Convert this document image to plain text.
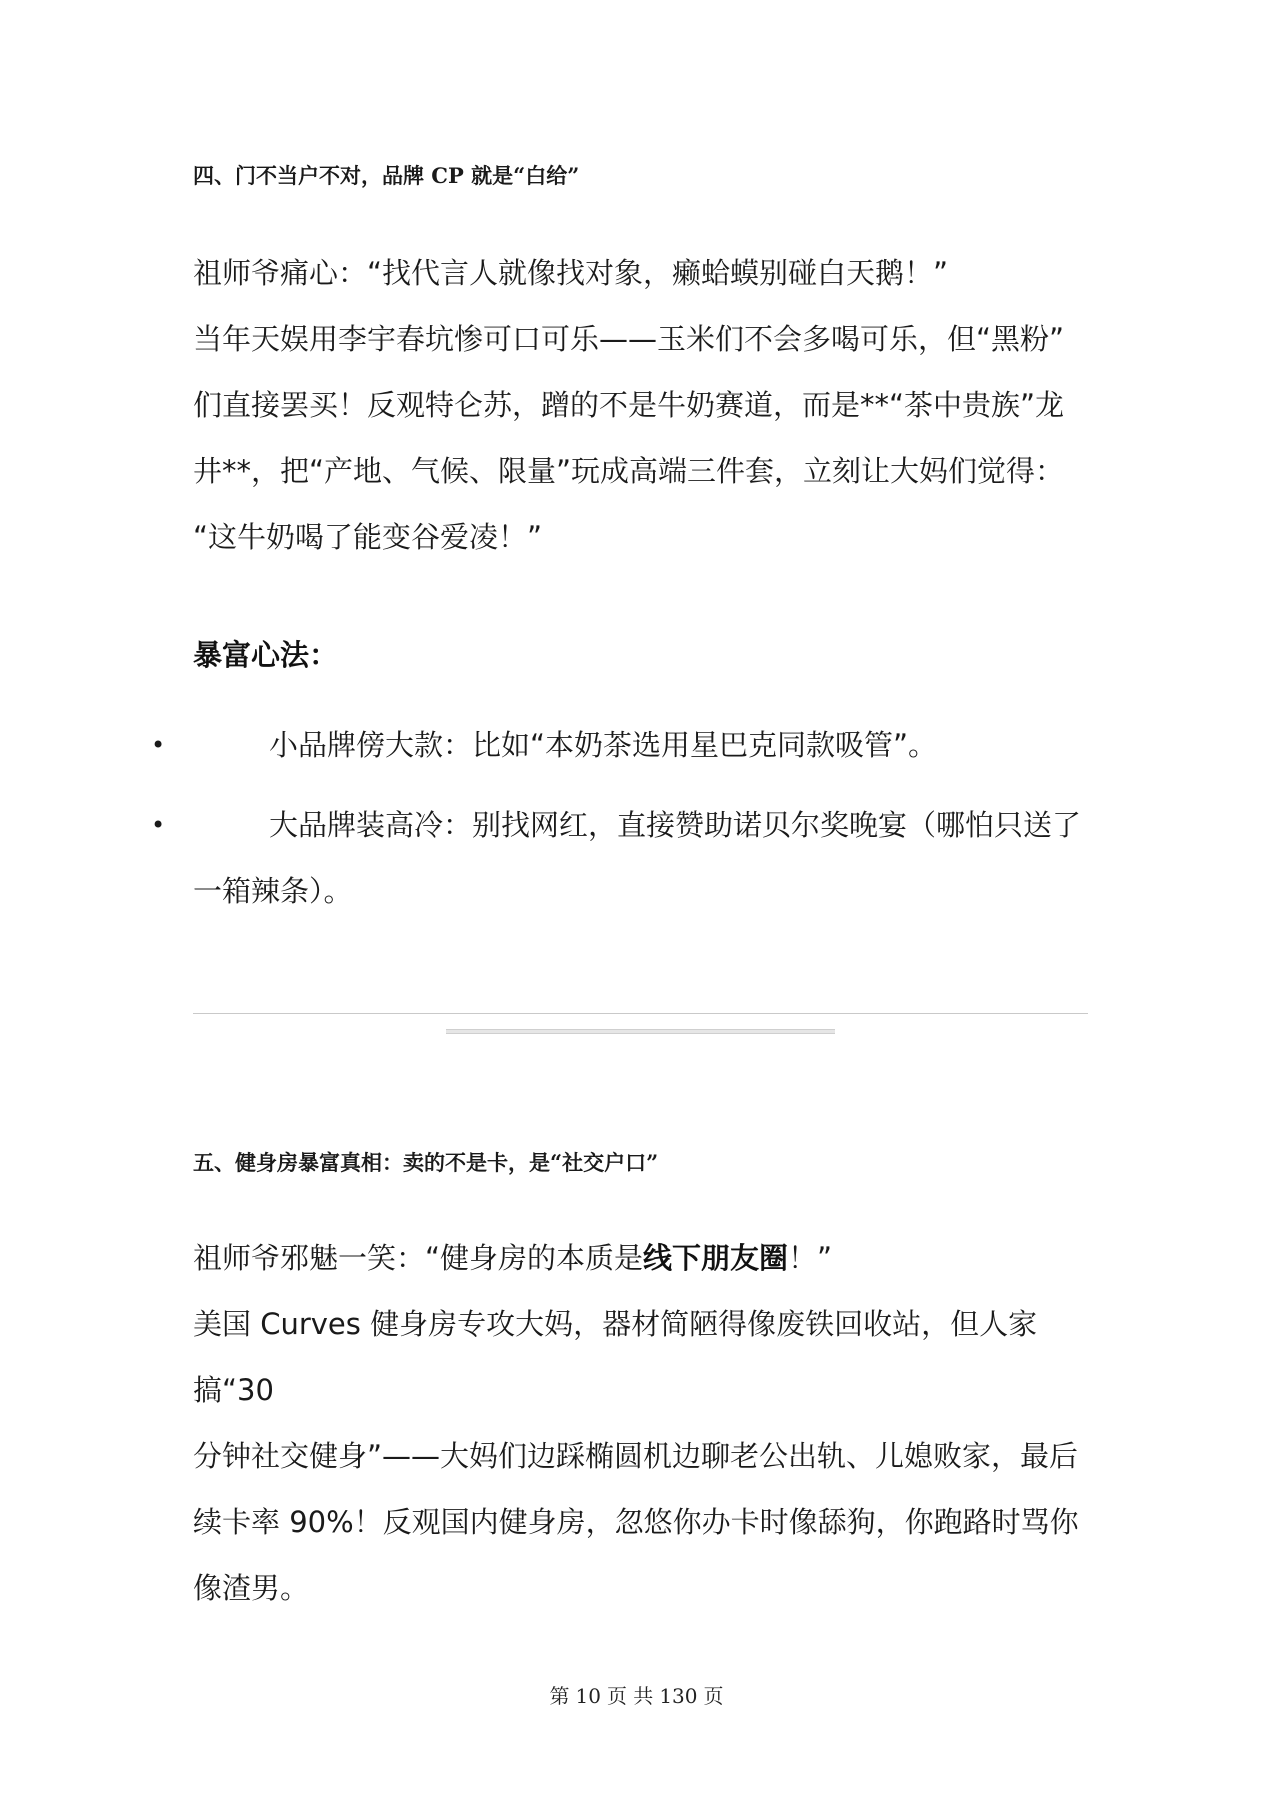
四、门不当户不对，品牌 CP 就是“白给”

祖师爷痛心：“找代言人就像找对象，癞蛤蟆别碰白天鹅！”

当年天娱用李宇春坑惨可口可乐——玉米们不会多喝可乐，但“黑粉”

们直接罢买！反观特仑苏，蹭的不是牛奶赛道，而是**“茶中贵族”龙

井**，把“产地、气候、限量”玩成高端三件套，立刻让大妈们觉得：

“这牛奶喝了能变谷爱凌！”

暴富心法：
•	小品牌傍大款：比如“本奶茶选用星巴克同款吸管”。
•	大品牌装高冷：别找网红，直接赞助诺贝尔奖晚宴（哪怕只送了一箱辣条）。
五、健身房暴富真相：卖的不是卡，是“社交户口”

祖师爷邪魅一笑：“健身房的本质是线下朋友圈！”

美国 Curves 健身房专攻大妈，器材简陋得像废铁回收站，但人家搞“30

分钟社交健身”——大妈们边踩椭圆机边聊老公出轨、儿媳败家，最后

续卡率 90%！反观国内健身房，忽悠你办卡时像舔狗，你跑路时骂你

像渣男。

第 10 页 共 130 页
